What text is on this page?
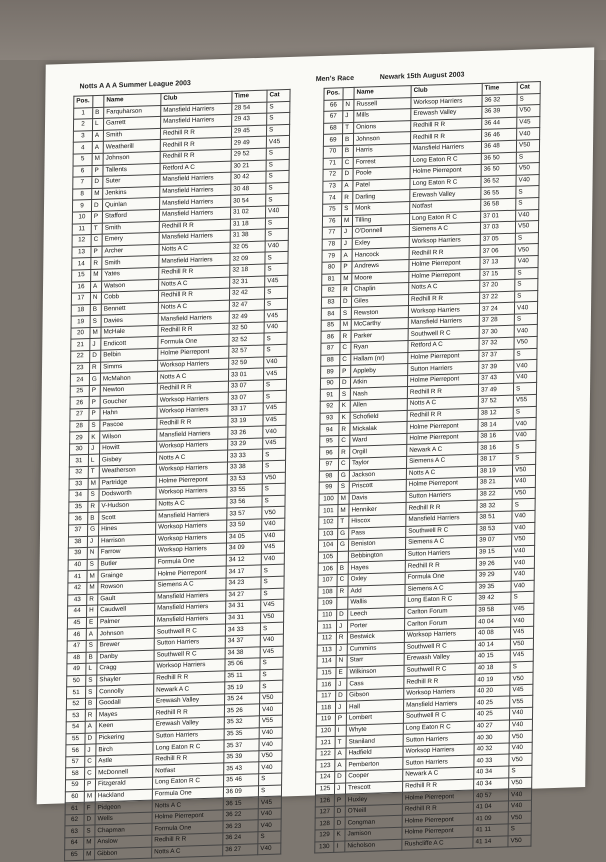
Notts A A A Summer League 2003
Men's Race	Newark 15th August 2003
Pos.		Name	Club	Time	Cat
1	B	Farquharson	Mansfield Harriers	28 54	S
2	L	Garrett	Mansfield Harriers	29 43	S
3	A	Smith	Redhill R R	29 45	S
4	A	Weatherill	Redhill R R	29 49	V45
5	M	Johnson	Redhill R R	29 52	S
6	P	Tallents	Retford A C	30 21	S
7	D	Suter	Mansfield Harriers	30 42	S
8	M	Jenkins	Mansfield Harriers	30 48	S
9	D	Quinlan	Mansfield Harriers	30 54	S
10	P	Stafford	Mansfield Harriers	31 02	V40
11	T	Smith	Redhill R R	31 18	S
12	C	Emery	Mansfield Harriers	31 38	S
13	P	Archer	Notts A C	32 05	V40
14	R	Smith	Mansfield Harriers	32 09	S
15	M	Yates	Redhill R R	32 18	S
16	A	Watson	Notts A C	32 31	V45
17	N	Cobb	Redhill R R	32 42	S
18	B	Bennett	Notts A C	32 47	S
19	S	Davies	Mansfield Harriers	32 49	V45
20	M	McHale	Redhill R R	32 50	V40
21	J	Endicott	Formula One	32 52	S
22	D	Belbin	Holme Pierrepont	32 57	S
23	R	Simms	Worksop Harriers	32 59	V40
24	G	McMahon	Notts A C	33 01	V45
25	P	Newton	Redhill R R	33 07	S
26	P	Goucher	Worksop Harriers	33 07	S
27	P	Hahn	Worksop Harriers	33 17	V45
28	S	Pascoe	Redhill R R	33 19	V45
29	K	Wilson	Mansfield Harriers	33 26	V40
30	J	Howitt	Worksop Harriers	33 29	V45
31	L	Gisbey	Notts A C	33 33	S
32	T	Weatherson	Worksop Harriers	33 38	S
33	M	Partridge	Holme Pierrepont	33 53	V50
34	S	Dodsworth	Worksop Harriers	33 55	S
35	R	V-Hudson	Notts A C	33 56	S
36	B	Scott	Mansfield Harriers	33 57	V50
37	G	Hines	Worksop Harriers	33 59	V40
38	J	Harrison	Worksop Harriers	34 05	V40
39	N	Farrow	Worksop Harriers	34 09	V45
40	S	Butler	Formula One	34 12	V40
41	M	Grainge	Holme Pierrepont	34 17	S
42	M	Rowson	Siemens A C	34 23	S
43	R	Gault	Mansfield Harriers	34 27	S
44	H	Caudwell	Mansfield Harriers	34 31	V45
45	E	Palmer	Mansfield Harriers	34 31	V50
46	A	Johnson	Southwell R C	34 33	S
47	S	Brewer	Sutton Harriers	34 37	V40
48	B	Danby	Southwell R C	34 38	V45
49	L	Cragg	Worksop Harriers	35 06	S
50	S	Shayler	Redhill R R	35 11	S
51	S	Connolly	Newark A C	35 19	S
52	B	Goodall	Erewash Valley	35 24	V50
53	R	Mayes	Redhill R R	35 26	V40
54	A	Keen	Erewash Valley	35 32	V55
55	D	Pickering	Sutton Harriers	35 35	V40
56	J	Birch	Long Eaton R C	35 37	V40
57	C	Astle	Redhill R R	35 39	V50
58	C	McDonnell	Notfast	35 43	V40
59	P	Fitzgerald	Long Eaton R C	35 46	S
60	M	Hackland	Formula One	36 09	S
61	F	Pidgeon	Notts A C	36 15	V45
62	D	Wells	Holme Pierrepont	36 22	V40
63	S	Chapman	Formula One	36 23	V40
64	M	Anslow	Redhill R R	36 24	S
65	M	Gibbon	Notts A C	36 27	V40
Pos.		Name	Club	Time	Cat
66	N	Russell	Worksop Harriers	36 32	S
67	J	Mills	Erewash Valley	36 39	V50
68	T	Onions	Redhill R R	36 44	V45
69	B	Johnson	Redhill R R	36 46	V40
70	B	Harris	Mansfield Harriers	36 48	V50
71	C	Forrest	Long Eaton R C	36 50	S
72	D	Poole	Holme Pierrepont	36 50	V50
73	A	Patel	Long Eaton R C	36 52	V40
74	R	Darling	Erewash Valley	36 55	S
75	S	Monk	Notfast	36 58	S
76	M	Tilling	Long Eaton R C	37 01	V40
77	J	O'Donnell	Siemens A C	37 03	V50
78	J	Exley	Worksop Harriers	37 05	S
79	A	Hancock	Redhill R R	37 06	V50
80	P	Andrews	Holme Pierrepont	37 13	V40
81	M	Moore	Holme Pierrepont	37 15	S
82	R	Chaplin	Notts A C	37 20	S
83	D	Giles	Redhill R R	37 22	S
84	S	Rewston	Worksop Harriers	37 24	V40
85	M	McCarthy	Mansfield Harriers	37 28	S
86	R	Parker	Southwell R C	37 30	V40
87	C	Ryan	Retford A C	37 32	V50
88	C	Hallam (nr)	Holme Pierrepont	37 37	S
89	P	Appleby	Sutton Harriers	37 39	V40
90	D	Atkin	Holme Pierrepont	37 43	V40
91	S	Nash	Redhill R R	37 49	S
92	K	Allen	Notts A C	37 52	V55
93	K	Schofield	Redhill R R	38 12	S
94	R	Mickalak	Holme Pierrepont	38 14	V40
95	C	Ward	Holme Pierrepont	38 16	V40
96	R	Orgill	Newark A C	38 16	S
97	C	Taylor	Siemens A C	38 17	S
98	G	Jackson	Notts A C	38 19	V50
99	S	Priscott	Holme Pierrepont	38 21	V40
100	M	Davis	Sutton Harriers	38 22	V50
101	M	Henniker	Redhill R R	38 32	S
102	T	Hiscox	Mansfield Harriers	38 51	V40
103	G	Pass	Southwell R C	38 53	V40
104	G	Beniston	Siemens A C	39 07	V50
105		Bebbington	Sutton Harriers	39 15	V40
106	B	Hayes	Redhill R R	39 26	V40
107	C	Oxley	Formula One	39 29	V40
108	R	Add	Siemens A C	39 35	V40
109		Wallis	Long Eaton R C	39 42	S
110	D	Leech	Carlton Forum	39 58	V45
111	J	Porter	Carlton Forum	40 04	V40
112	R	Bestwick	Worksop Harriers	40 08	V45
113	J	Cummins	Southwell R C	40 14	V50
114	N	Starr	Erewash Valley	40 15	V45
115	E	Wilkinson	Southwell R C	40 18	S
116	J	Cass	Redhill R R	40 19	V50
117	D	Gibson	Worksop Harriers	40 20	V45
118	J	Hall	Mansfield Harriers	40 25	V55
119	P	Lombert	Southwell R C	40 25	V40
120	I	Whyte	Long Eaton R C	40 27	V40
121	T	Staniland	Sutton Harriers	40 30	V50
122	A	Hadfield	Worksop Harriers	40 32	V40
123	A	Pemberton	Sutton Harriers	40 33	V50
124	D	Cooper	Newark A C	40 34	S
125	J	Trescott	Redhill R R	40 34	V50
126	P	Huxley	Holme Pierrepont	40 57	V40
127	D	O'Neill	Redhill R R	41 04	V40
128	D	Congman	Holme Pierrepont	41 09	V50
129	K	Jamison	Holme Pierrepont	41 11	S
130	I	Nicholson	Rushcliffe A C	41 14	V50
